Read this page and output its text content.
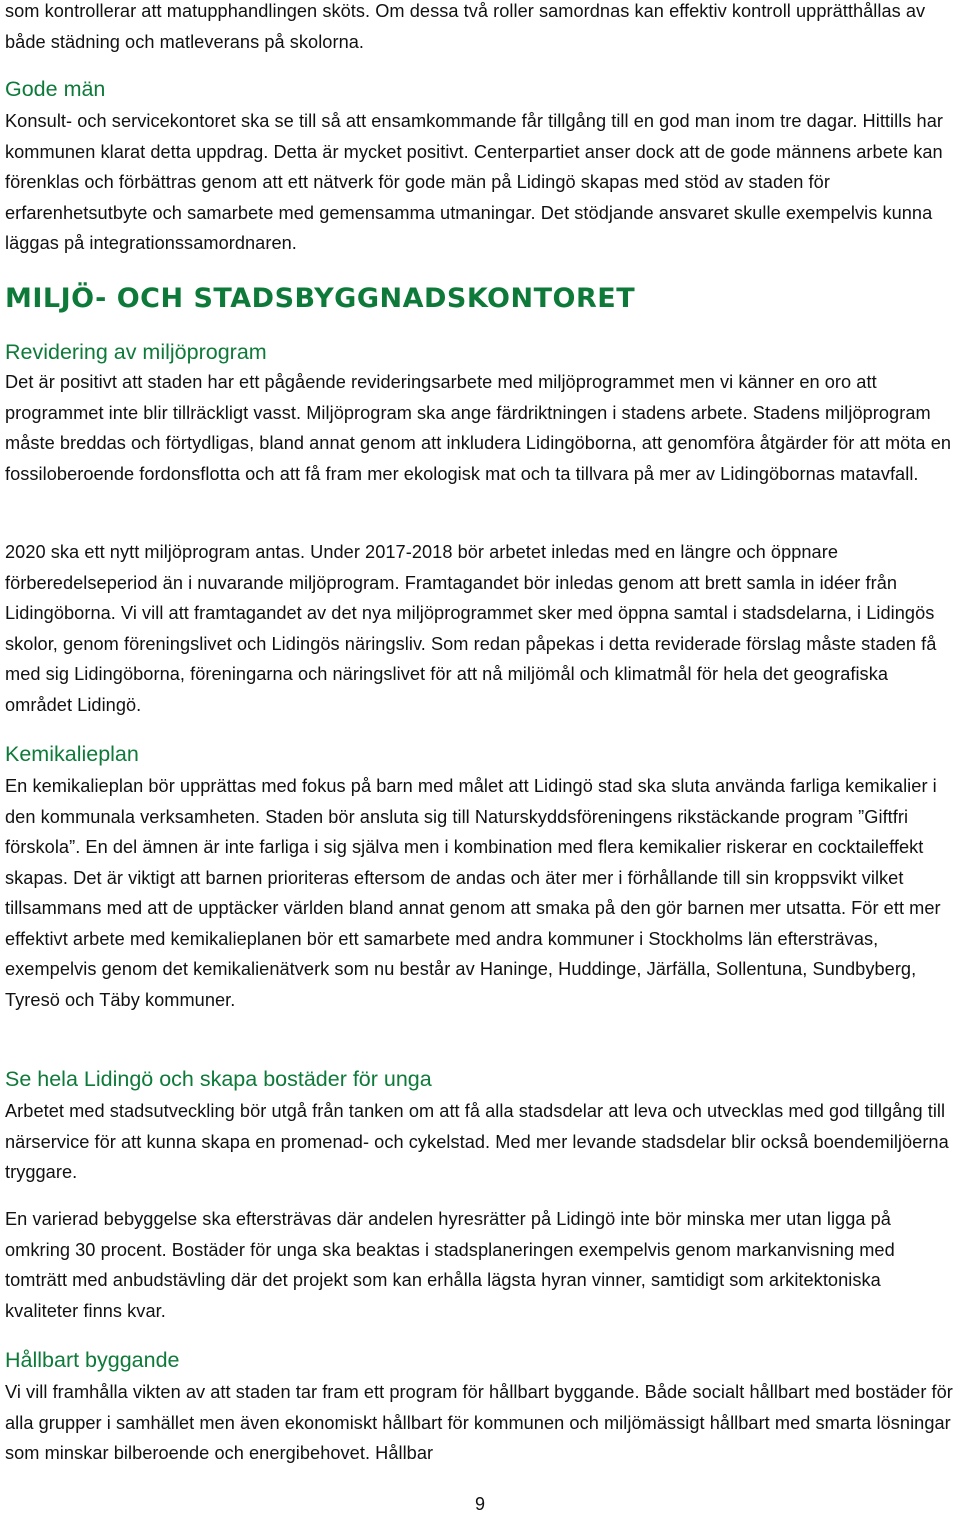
som kontrollerar att matupphandlingen sköts. Om dessa två roller samordnas kan effektiv kontroll upprätthållas av både städning och matleverans på skolorna.

Gode män

Konsult- och servicekontoret ska se till så att ensamkommande får tillgång till en god man inom tre dagar. Hittills har kommunen klarat detta uppdrag. Detta är mycket positivt. Centerpartiet anser dock att de gode männens arbete kan förenklas och förbättras genom att ett nätverk för gode män på Lidingö skapas med stöd av staden för erfarenhetsutbyte och samarbete med gemensamma utmaningar. Det stödjande ansvaret skulle exempelvis kunna läggas på integrationssamordnaren.

MILJÖ- OCH STADSBYGGNADSKONTORET
Revidering av miljöprogram

Det är positivt att staden har ett pågående revideringsarbete med miljöprogrammet men vi känner en oro att programmet inte blir tillräckligt vasst. Miljöprogram ska ange färdriktningen i stadens arbete. Stadens miljöprogram måste breddas och förtydligas, bland annat genom att inkludera Lidingöborna, att genomföra åtgärder för att möta en fossiloberoende fordonsflotta och att få fram mer ekologisk mat och ta tillvara på mer av Lidingöbornas matavfall.

2020 ska ett nytt miljöprogram antas. Under 2017-2018 bör arbetet inledas med en längre och öppnare förberedelseperiod än i nuvarande miljöprogram. Framtagandet bör inledas genom att brett samla in idéer från Lidingöborna. Vi vill att framtagandet av det nya miljöprogrammet sker med öppna samtal i stadsdelarna, i Lidingös skolor, genom föreningslivet och Lidingös näringsliv. Som redan påpekas i detta reviderade förslag måste staden få med sig Lidingöborna, föreningarna och näringslivet för att nå miljömål och klimatmål för hela det geografiska området Lidingö.

Kemikalieplan

En kemikalieplan bör upprättas med fokus på barn med målet att Lidingö stad ska sluta använda farliga kemikalier i den kommunala verksamheten. Staden bör ansluta sig till Naturskyddsföreningens rikstäckande program ”Giftfri förskola”. En del ämnen är inte farliga i sig själva men i kombination med flera kemikalier riskerar en cocktaileffekt skapas. Det är viktigt att barnen prioriteras eftersom de andas och äter mer i förhållande till sin kroppsvikt vilket tillsammans med att de upptäcker världen bland annat genom att smaka på den gör barnen mer utsatta. För ett mer effektivt arbete med kemikalieplanen bör ett samarbete med andra kommuner i Stockholms län eftersträvas, exempelvis genom det kemikalienätverk som nu består av Haninge, Huddinge, Järfälla, Sollentuna, Sundbyberg, Tyresö och Täby kommuner.

Se hela Lidingö och skapa bostäder för unga

Arbetet med stadsutveckling bör utgå från tanken om att få alla stadsdelar att leva och utvecklas med god tillgång till närservice för att kunna skapa en promenad- och cykelstad. Med mer levande stadsdelar blir också boendemiljöerna tryggare.

En varierad bebyggelse ska eftersträvas där andelen hyresrätter på Lidingö inte bör minska mer utan ligga på omkring 30 procent. Bostäder för unga ska beaktas i stadsplaneringen exempelvis genom markanvisning med tomträtt med anbudstävling där det projekt som kan erhålla lägsta hyran vinner, samtidigt som arkitektoniska kvaliteter finns kvar.

Hållbart byggande

Vi vill framhålla vikten av att staden tar fram ett program för hållbart byggande. Både socialt hållbart med bostäder för alla grupper i samhället men även ekonomiskt hållbart för kommunen och miljömässigt hållbart med smarta lösningar som minskar bilberoende och energibehovet. Hållbar

9
